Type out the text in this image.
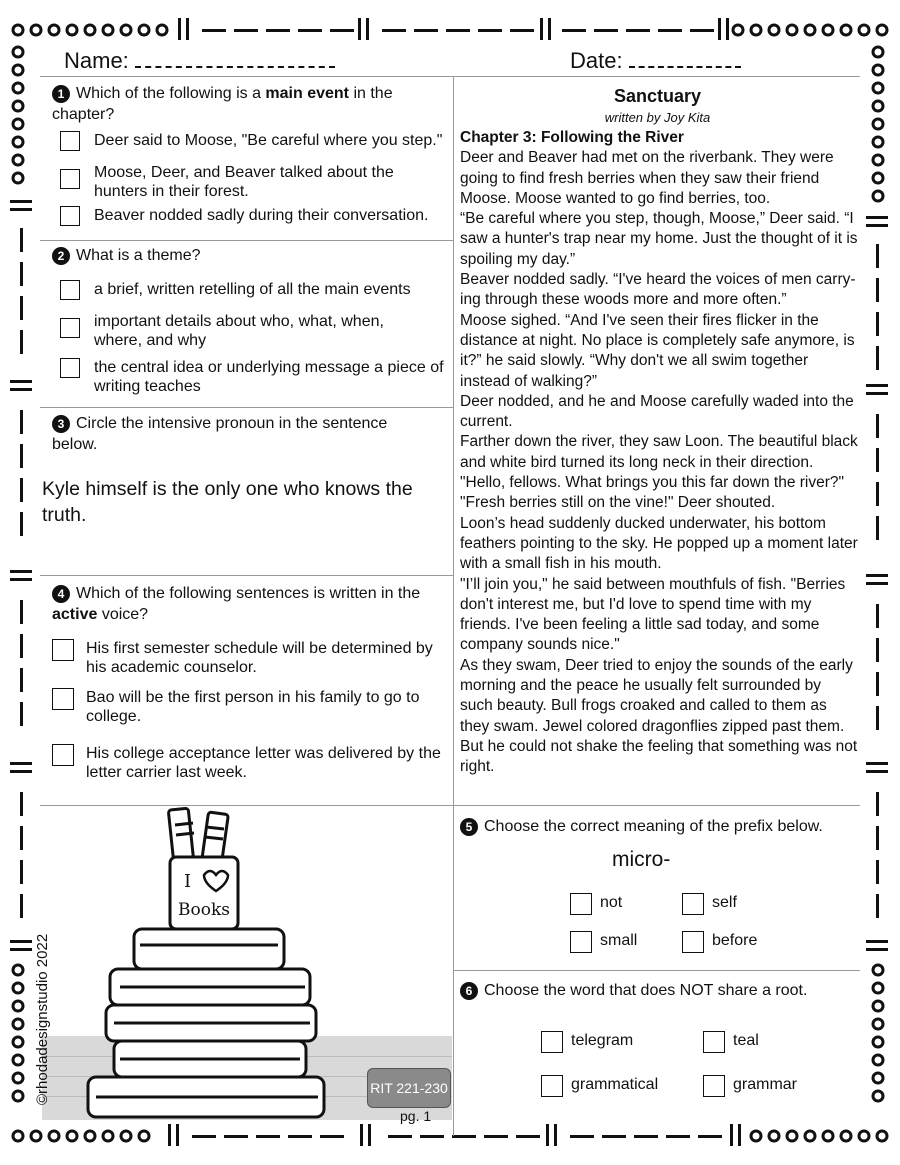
Name:	Date:
1 Which of the following is a main event in the chapter?
Deer said to Moose, "Be careful where you step."
Moose, Deer, and Beaver talked about the hunters in their forest.
Beaver nodded sadly during their conversation.
2 What is a theme?
a brief, written retelling of all the main events
important details about who, what, when, where, and why
the central idea or underlying message a piece of writing teaches
3 Circle the intensive pronoun in the sentence below.
Kyle himself is the only one who knows the truth.
4 Which of the following sentences is written in the active voice?
His first semester schedule will be determined by his academic counselor.
Bao will be the first person in his family to go to college.
His college acceptance letter was delivered by the letter carrier last week.
Sanctuary
written by Joy Kita
Chapter 3: Following the River
Deer and Beaver had met on the riverbank. They were going to find fresh berries when they saw their friend Moose. Moose wanted to go find berries, too.
“Be careful where you step, though, Moose,” Deer said. “I saw a hunter's trap near my home. Just the thought of it is spoiling my day.”
Beaver nodded sadly. “I've heard the voices of men carry-ing through these woods more and more often.”
Moose sighed. “And I've seen their fires flicker in the distance at night. No place is completely safe anymore, is it?” he said slowly. “Why don't we all swim together instead of walking?”
Deer nodded, and he and Moose carefully waded into the current.
Farther down the river, they saw Loon. The beautiful black and white bird turned its long neck in their direction.
"Hello, fellows. What brings you this far down the river?"
"Fresh berries still on the vine!" Deer shouted.
Loon’s head suddenly ducked underwater, his bottom feathers pointing to the sky. He popped up a moment later with a small fish in his mouth.
"I’ll join you," he said between mouthfuls of fish. "Berries don't interest me, but I'd love to spend time with my friends. I've been feeling a little sad today, and some company sounds nice."
As they swam, Deer tried to enjoy the sounds of the early morning and the peace he usually felt surrounded by such beauty. Bull frogs croaked and called to them as they swam. Jewel colored dragonflies zipped past them.
But he could not shake the feeling that something was not right.
5 Choose the correct meaning of the prefix below.
micro-
not	self
small	before
6 Choose the word that does NOT share a root.
telegram	teal
grammatical	grammar
I
Books
©rhodadesignstudio 2022	RIT 221-230
pg. 1
